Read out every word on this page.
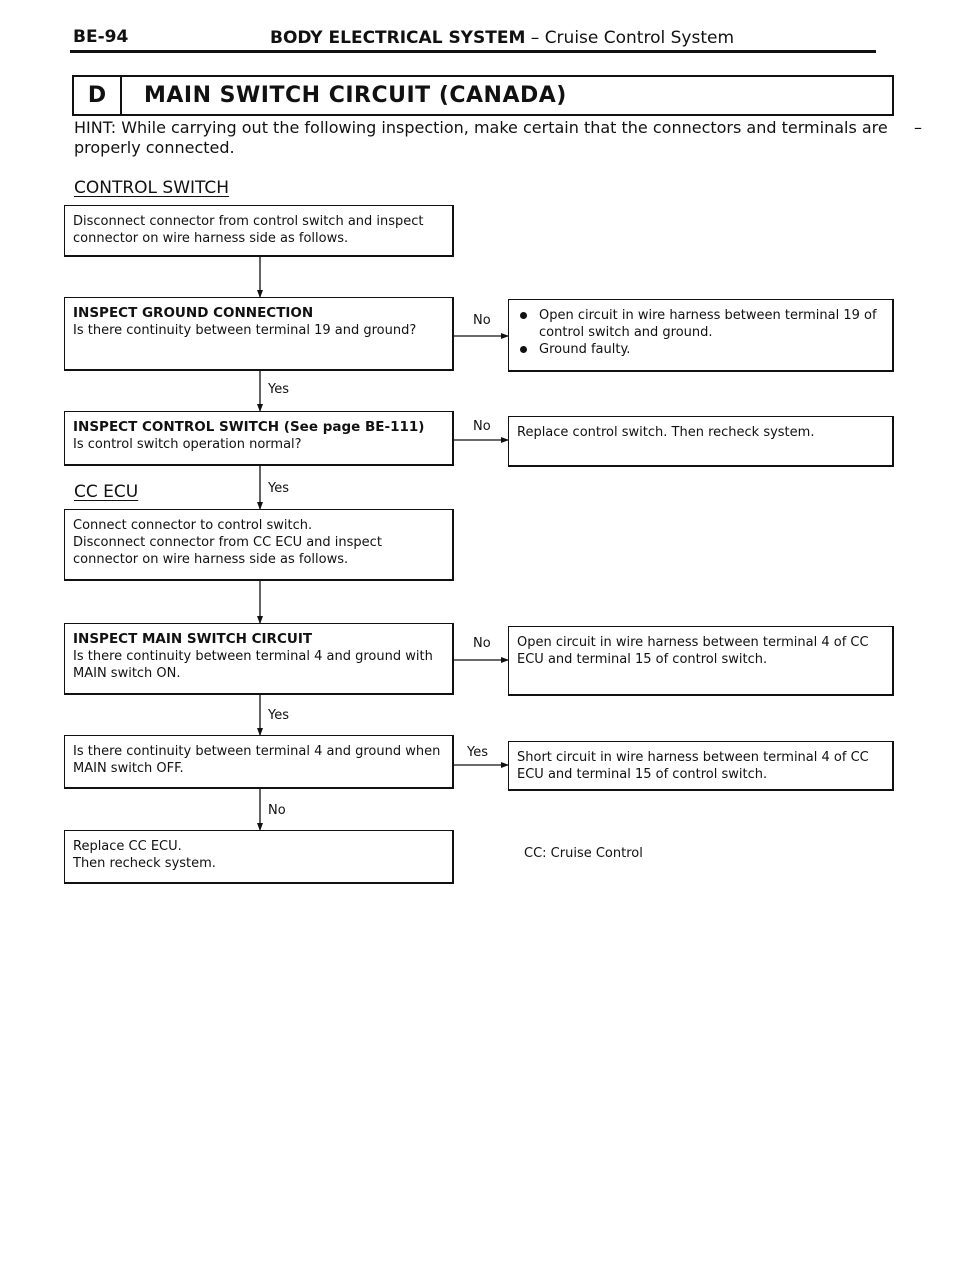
BE-94	BODY ELECTRICAL SYSTEM – Cruise Control System
D	MAIN SWITCH CIRCUIT (CANADA)
HINT: While carrying out the following inspection, make certain that the connectors and terminals are properly connected.
–
CONTROL SWITCH
CC ECU
Yes
Yes
Yes
No
No
No
No
Yes
Disconnect connector from control switch and inspect connector on wire harness side as follows.
INSPECT GROUND CONNECTION
Is there continuity between terminal 19 and ground?
Open circuit in wire harness between terminal 19 of control switch and ground.
Ground faulty.
INSPECT CONTROL SWITCH (See page BE-111)
Is control switch operation normal?
Replace control switch. Then recheck system.
Connect connector to control switch.
Disconnect connector from CC ECU and inspect connector on wire harness side as follows.
INSPECT MAIN SWITCH CIRCUIT
Is there continuity between terminal 4 and ground with MAIN switch ON.
Open circuit in wire harness between terminal 4 of CC ECU and terminal 15 of control switch.
Is there continuity between terminal 4 and ground when MAIN switch OFF.
Short circuit in wire harness between terminal 4 of CC ECU and terminal 15 of control switch.
Replace CC ECU.
Then recheck system.
CC: Cruise Control
